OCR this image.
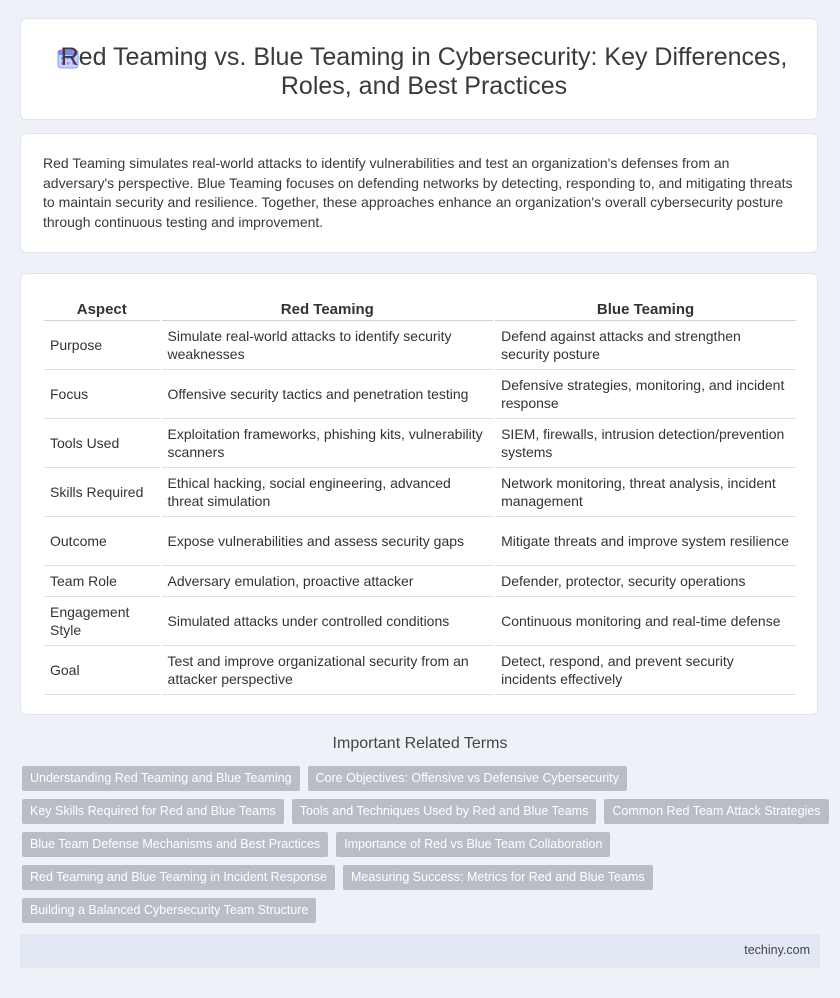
Red Teaming vs. Blue Teaming in Cybersecurity: Key Differences, Roles, and Best Practices
Red Teaming simulates real-world attacks to identify vulnerabilities and test an organization's defenses from an adversary's perspective. Blue Teaming focuses on defending networks by detecting, responding to, and mitigating threats to maintain security and resilience. Together, these approaches enhance an organization's overall cybersecurity posture through continuous testing and improvement.
Aspect	Red Teaming	Blue Teaming
Purpose	Simulate real-world attacks to identify security weaknesses	Defend against attacks and strengthen security posture
Focus	Offensive security tactics and penetration testing	Defensive strategies, monitoring, and incident response
Tools Used	Exploitation frameworks, phishing kits, vulnerability scanners	SIEM, firewalls, intrusion detection/prevention systems
Skills Required	Ethical hacking, social engineering, advanced threat simulation	Network monitoring, threat analysis, incident management
Outcome	Expose vulnerabilities and assess security gaps	Mitigate threats and improve system resilience
Team Role	Adversary emulation, proactive attacker	Defender, protector, security operations
Engagement Style	Simulated attacks under controlled conditions	Continuous monitoring and real-time defense
Goal	Test and improve organizational security from an attacker perspective	Detect, respond, and prevent security incidents effectively
Important Related Terms
Understanding Red Teaming and Blue Teaming	Core Objectives: Offensive vs Defensive Cybersecurity
Key Skills Required for Red and Blue Teams	Tools and Techniques Used by Red and Blue Teams	Common Red Team Attack Strategies
Blue Team Defense Mechanisms and Best Practices	Importance of Red vs Blue Team Collaboration
Red Teaming and Blue Teaming in Incident Response	Measuring Success: Metrics for Red and Blue Teams
Building a Balanced Cybersecurity Team Structure
techiny.com
